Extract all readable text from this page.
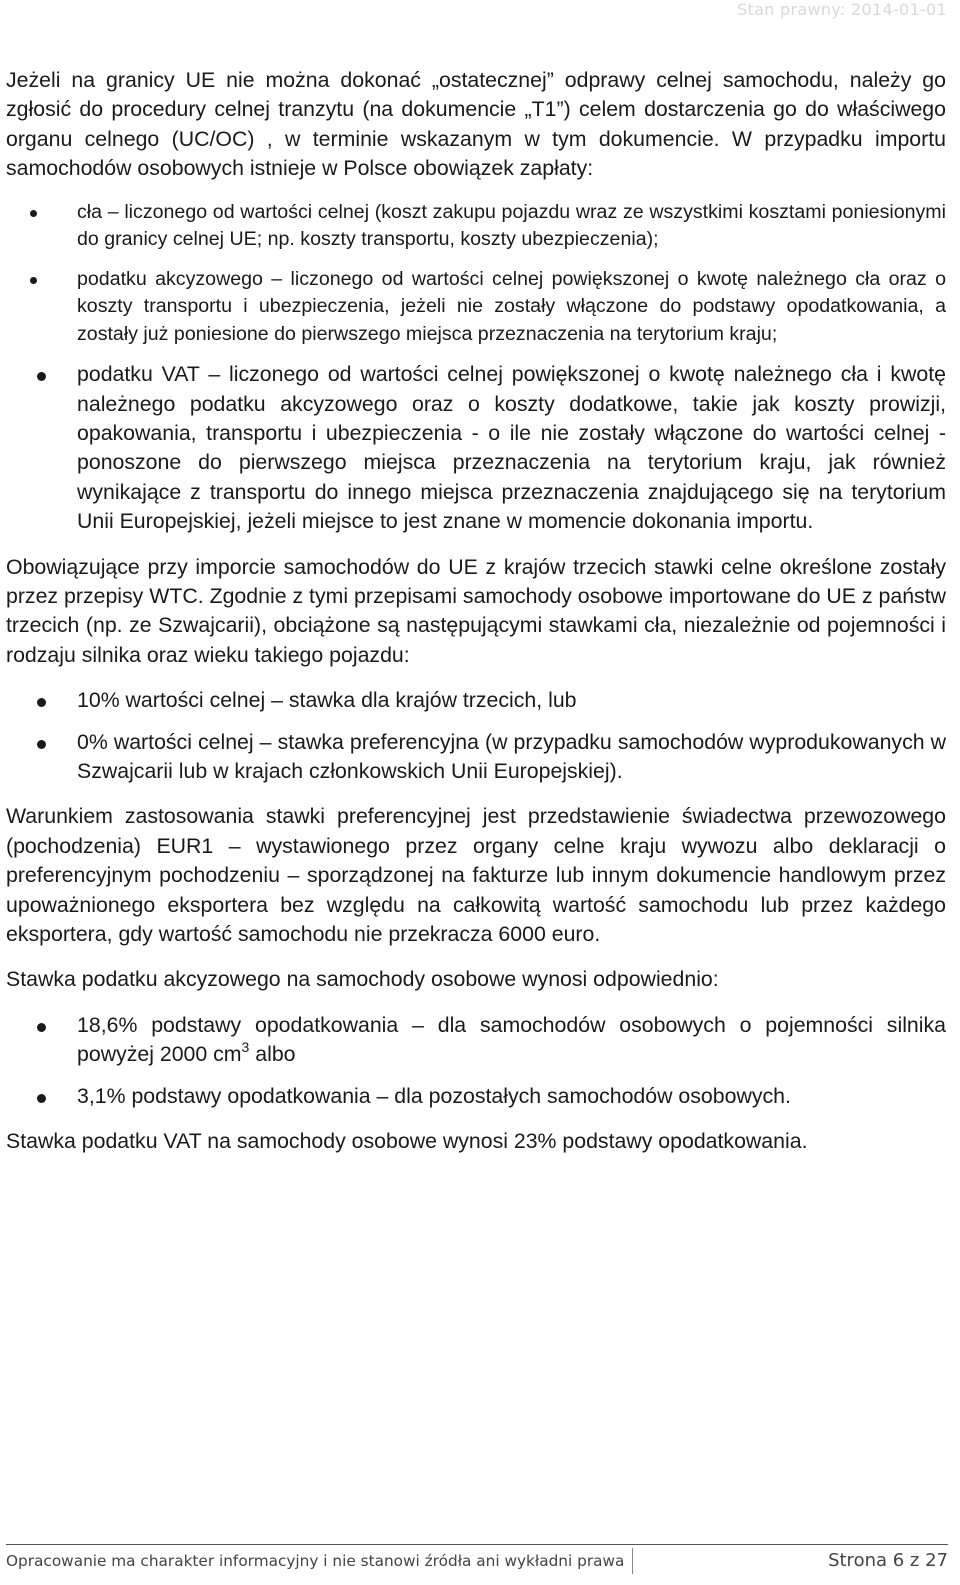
Stan prawny: 2014-01-01

Jeżeli na granicy UE nie można dokonać „ostatecznej” odprawy celnej samochodu, należy go zgłosić do procedury celnej tranzytu (na dokumencie „T1”) celem dostarczenia go do właściwego organu celnego (UC/OC) , w terminie wskazanym w tym dokumencie. W przypadku importu samochodów osobowych istnieje w Polsce obowiązek zapłaty:

cła – liczonego od wartości celnej (koszt zakupu pojazdu wraz ze wszystkimi kosztami poniesionymi do granicy celnej UE; np. koszty transportu, koszty ubezpieczenia);
podatku akcyzowego – liczonego od wartości celnej powiększonej o kwotę należnego cła oraz o koszty transportu i ubezpieczenia, jeżeli nie zostały włączone do podstawy opodatkowania, a zostały już poniesione do pierwszego miejsca przeznaczenia na terytorium kraju;
podatku VAT – liczonego od wartości celnej powiększonej o kwotę należnego cła i kwotę należnego podatku akcyzowego oraz o koszty dodatkowe, takie jak koszty prowizji, opakowania, transportu i ubezpieczenia - o ile nie zostały włączone do wartości celnej - ponoszone do pierwszego miejsca przeznaczenia na terytorium kraju, jak również wynikające z transportu do innego miejsca przeznaczenia znajdującego się na terytorium Unii Europejskiej, jeżeli miejsce to jest znane w momencie dokonania importu.

Obowiązujące przy imporcie samochodów do UE z krajów trzecich stawki celne określone zostały przez przepisy WTC. Zgodnie z tymi przepisami samochody osobowe importowane do UE z państw trzecich (np. ze Szwajcarii), obciążone są następującymi stawkami cła, niezależnie od pojemności i rodzaju silnika oraz wieku takiego pojazdu:

10% wartości celnej – stawka dla krajów trzecich, lub
0% wartości celnej – stawka preferencyjna (w przypadku samochodów wyprodukowanych w Szwajcarii lub w krajach członkowskich Unii Europejskiej).

Warunkiem zastosowania stawki preferencyjnej jest przedstawienie świadectwa przewozowego (pochodzenia) EUR1 – wystawionego przez organy celne kraju wywozu albo deklaracji o preferencyjnym pochodzeniu – sporządzonej na fakturze lub innym dokumencie handlowym przez upoważnionego eksportera bez względu na całkowitą wartość samochodu lub przez każdego eksportera, gdy wartość samochodu nie przekracza 6000 euro.

Stawka podatku akcyzowego na samochody osobowe wynosi odpowiednio:

18,6% podstawy opodatkowania – dla samochodów osobowych o pojemności silnika powyżej 2000 $cm^3$ albo
3,1% podstawy opodatkowania – dla pozostałych samochodów osobowych.

Stawka podatku VAT na samochody osobowe wynosi 23% podstawy opodatkowania.

Opracowanie ma charakter informacyjny i nie stanowi źródła ani wykładni prawa	Strona 6 z 27
